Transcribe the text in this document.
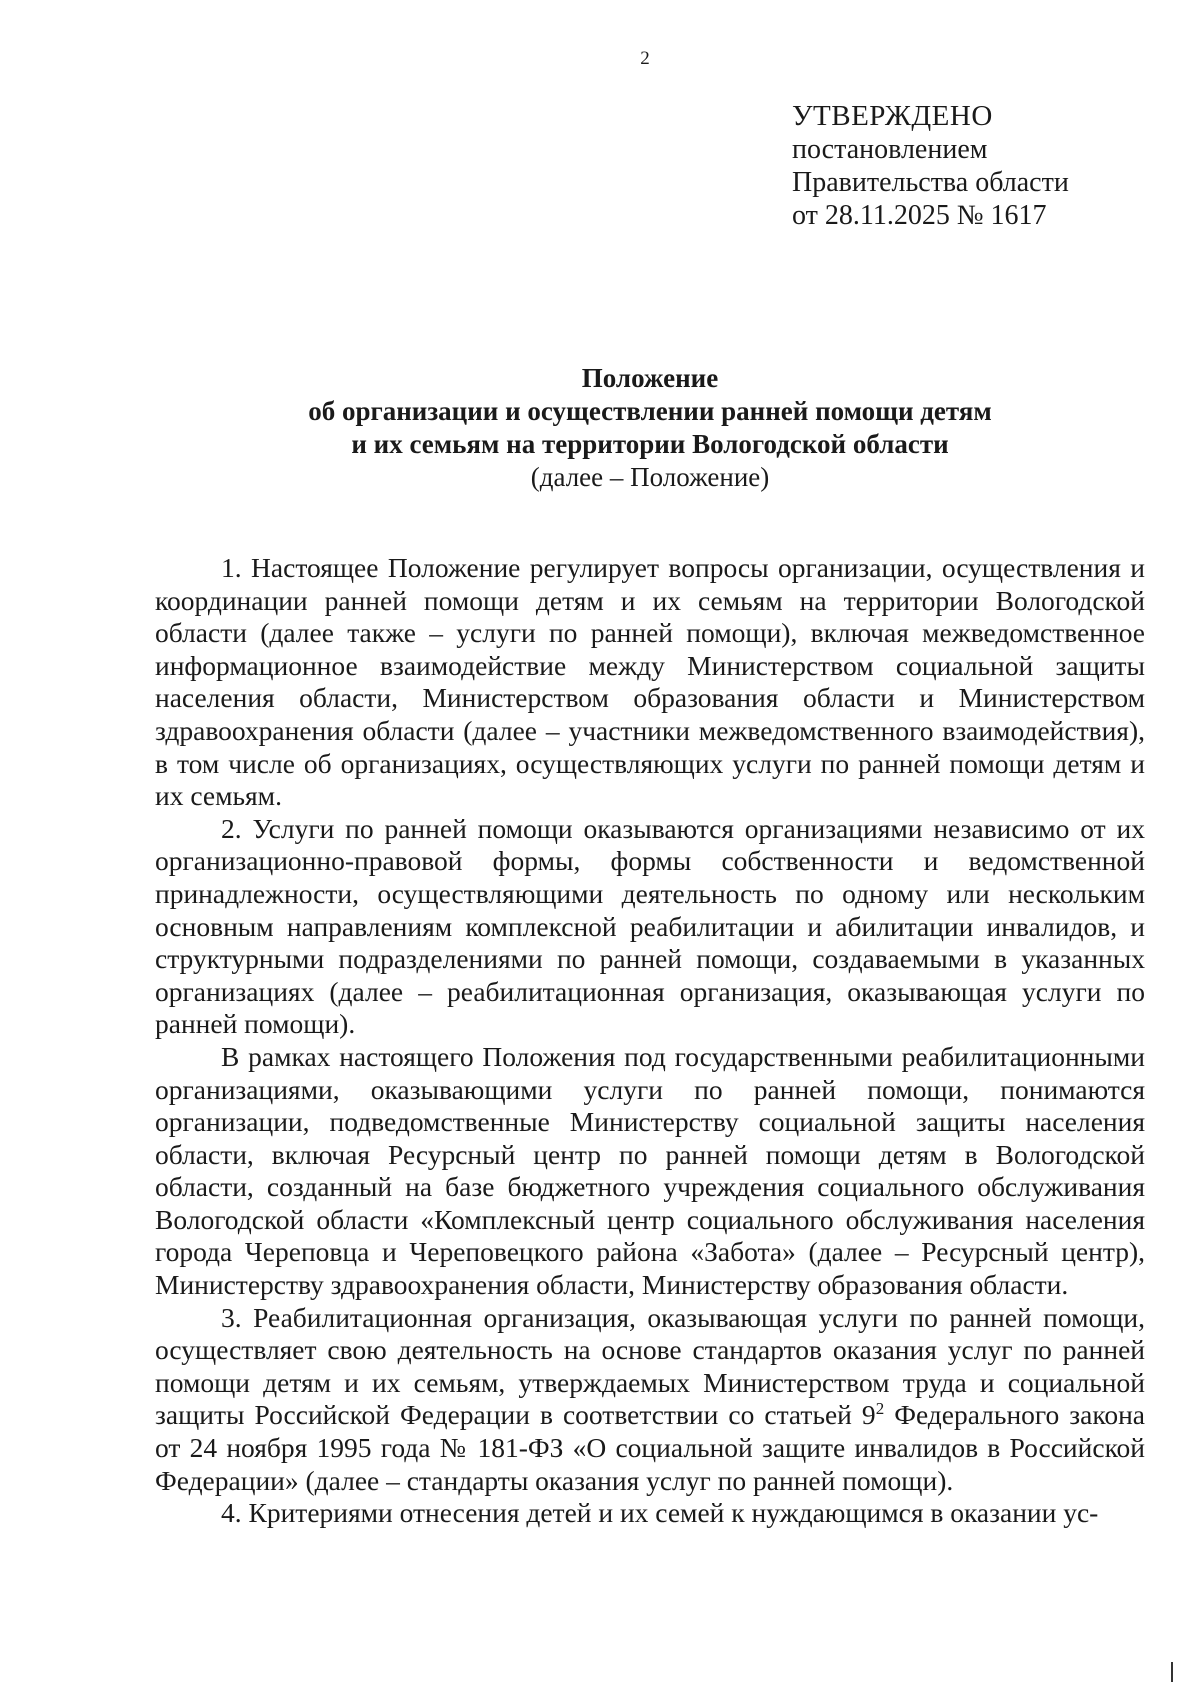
2
УТВЕРЖДЕНО
постановлением
Правительства области
от 28.11.2025 № 1617
Положение
об организации и осуществлении ранней помощи детям
и их семьям на территории Вологодской области
(далее – Положение)

1. Настоящее Положение регулирует вопросы организации, осуществления и координации ранней помощи детям и их семьям на территории Вологодской области (далее также – услуги по ранней помощи), включая межведомственное информационное взаимодействие между Министерством социальной защиты населения области, Министерством образования области и Министерством здравоохранения области (далее – участники межведомственного взаимодействия), в том числе об организациях, осуществляющих услуги по ранней помощи детям и их семьям.

2. Услуги по ранней помощи оказываются организациями независимо от их организационно-правовой формы, формы собственности и ведомственной принадлежности, осуществляющими деятельность по одному или нескольким основным направлениям комплексной реабилитации и абилитации инвалидов, и структурными подразделениями по ранней помощи, создаваемыми в указанных организациях (далее – реабилитационная организация, оказывающая услуги по ранней помощи).

В рамках настоящего Положения под государственными реабилитационными организациями, оказывающими услуги по ранней помощи, понимаются организации, подведомственные Министерству социальной защиты населения области, включая Ресурсный центр по ранней помощи детям в Вологодской области, созданный на базе бюджетного учреждения социального обслуживания Вологодской области «Комплексный центр социального обслуживания населения города Череповца и Череповецкого района «Забота» (далее – Ресурсный центр), Министерству здравоохранения области, Министерству образования области.

3. Реабилитационная организация, оказывающая услуги по ранней помощи, осуществляет свою деятельность на основе стандартов оказания услуг по ранней помощи детям и их семьям, утверждаемых Министерством труда и социальной защиты Российской Федерации в соответствии со статьей $9^2$ Федерального закона от 24 ноября 1995 года № 181-ФЗ «О социальной защите инвалидов в Российской Федерации» (далее – стандарты оказания услуг по ранней помощи).

4. Критериями отнесения детей и их семей к нуждающимся в оказании ус-
